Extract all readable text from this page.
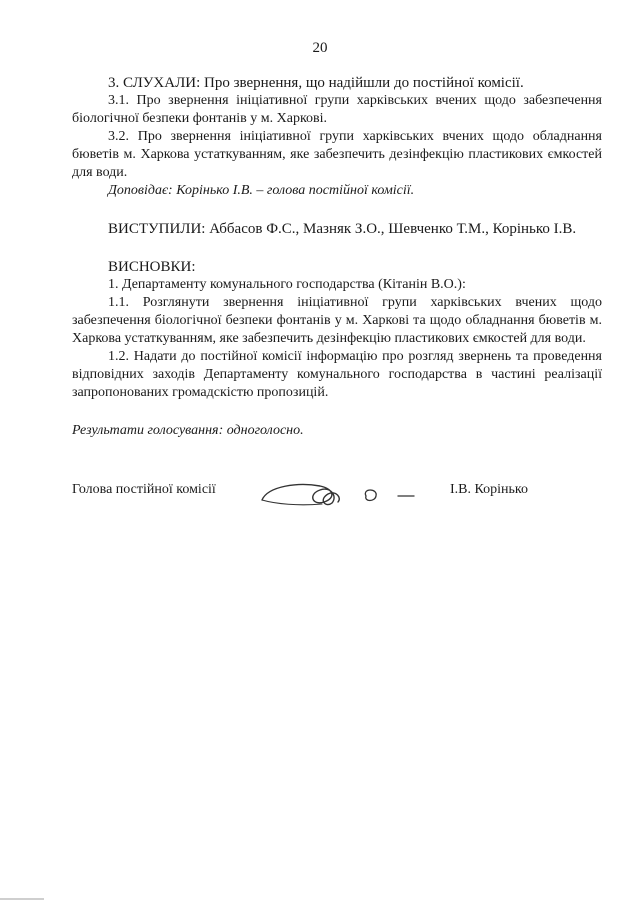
20

3. СЛУХАЛИ: Про звернення, що надійшли до постійної комісії.

3.1. Про звернення ініціативної групи харківських вчених щодо забезпечення біологічної безпеки фонтанів у м. Харкові.

3.2. Про звернення ініціативної групи харківських вчених щодо обладнання бюветів м. Харкова устаткуванням, яке забезпечить дезінфекцію пластикових ємкостей для води.

Доповідає: Корінько І.В. – голова постійної комісії.

ВИСТУПИЛИ: Аббасов Ф.С., Мазняк З.О., Шевченко Т.М., Корінько І.В.

ВИСНОВКИ:

1. Департаменту комунального господарства (Кітанін В.О.):

1.1. Розглянути звернення ініціативної групи харківських вчених щодо забезпечення біологічної безпеки фонтанів у м. Харкові та щодо обладнання бюветів м. Харкова устаткуванням, яке забезпечить дезінфекцію пластикових ємкостей для води.

1.2. Надати до постійної комісії інформацію про розгляд звернень та проведення відповідних заходів Департаменту комунального господарства в частині реалізації запропонованих громадскістю пропозицій.

Результати голосування: одноголосно.

Голова постійної комісії	І.В. Корінько
